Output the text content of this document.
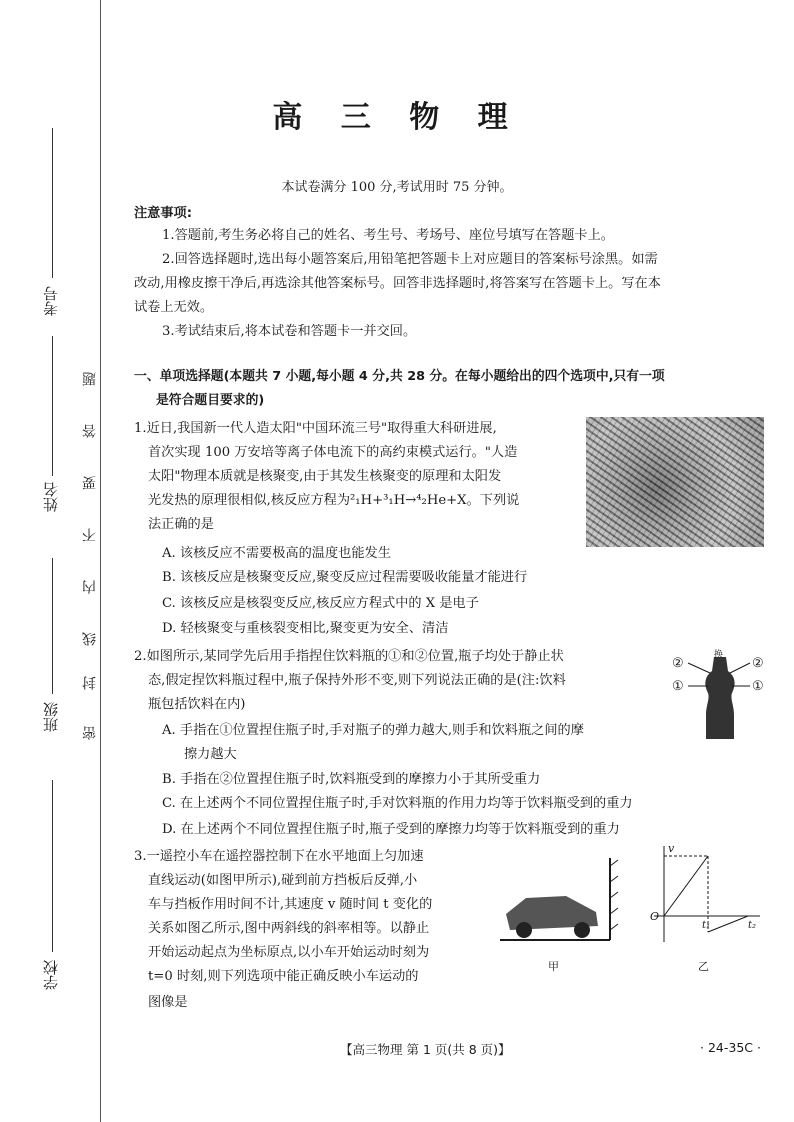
考号
姓名
班级
学校
题
答
要
不
内
线
封
密
高 三 物 理
本试卷满分 100 分,考试用时 75 分钟。
注意事项:
1.答题前,考生务必将自己的姓名、考生号、考场号、座位号填写在答题卡上。
2.回答选择题时,选出每小题答案后,用铅笔把答题卡上对应题目的答案标号涂黑。如需
改动,用橡皮擦干净后,再选涂其他答案标号。回答非选择题时,将答案写在答题卡上。写在本
试卷上无效。
3.考试结束后,将本试卷和答题卡一并交回。
一、单项选择题(本题共 7 小题,每小题 4 分,共 28 分。在每小题给出的四个选项中,只有一项
是符合题目要求的)
1.近日,我国新一代人造太阳"中国环流三号"取得重大科研进展,
首次实现 100 万安培等离子体电流下的高约束模式运行。"人造
太阳"物理本质就是核聚变,由于其发生核聚变的原理和太阳发
光发热的原理很相似,核反应方程为²₁H+³₁H→⁴₂He+X。下列说
法正确的是
A. 该核反应不需要极高的温度也能发生
B. 该核反应是核聚变反应,聚变反应过程需要吸收能量才能进行
C. 该核反应是核裂变反应,核反应方程式中的 X 是电子
D. 轻核聚变与重核裂变相比,聚变更为安全、清洁
2.如图所示,某同学先后用手指捏住饮料瓶的①和②位置,瓶子均处于静止状
态,假定捏饮料瓶过程中,瓶子保持外形不变,则下列说法正确的是(注:饮料
瓶包括饮料在内)
A. 手指在①位置捏住瓶子时,手对瓶子的弹力越大,则手和饮料瓶之间的摩
擦力越大
B. 手指在②位置捏住瓶子时,饮料瓶受到的摩擦力小于其所受重力
C. 在上述两个不同位置捏住瓶子时,手对饮料瓶的作用力均等于饮料瓶受到的重力
D. 在上述两个不同位置捏住瓶子时,瓶子受到的摩擦力均等于饮料瓶受到的重力
换
②	②
①	①
3.一遥控小车在遥控器控制下在水平地面上匀加速
直线运动(如图甲所示),碰到前方挡板后反弹,小
车与挡板作用时间不计,其速度 v 随时间 t 变化的
关系如图乙所示,图中两斜线的斜率相等。以静止
开始运动起点为坐标原点,以小车开始运动时刻为
t=0 时刻,则下列选项中能正确反映小车运动的
图像是
甲
v
O
t₁	t₂
乙
【高三物理 第 1 页(共 8 页)】	· 24-35C ·
